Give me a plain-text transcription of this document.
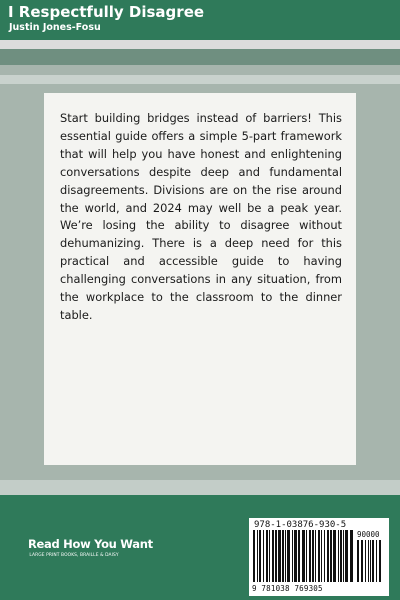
I Respectfully Disagree

Justin Jones-Fosu

Start building bridges instead of barriers! This essential guide offers a simple 5-part framework that will help you have honest and enlightening conversations despite deep and fundamental disagreements. Divisions are on the rise around the world, and 2024 may well be a peak year. We’re losing the ability to disagree without dehumanizing. There is a deep need for this practical and accessible guide to having challenging conversations in any situation, from the workplace to the classroom to the dinner table.

Read How You Want
LARGE PRINT BOOKS, BRAILLE & DAISY
978-1-03876-930-5
90000
9 781038 769305
